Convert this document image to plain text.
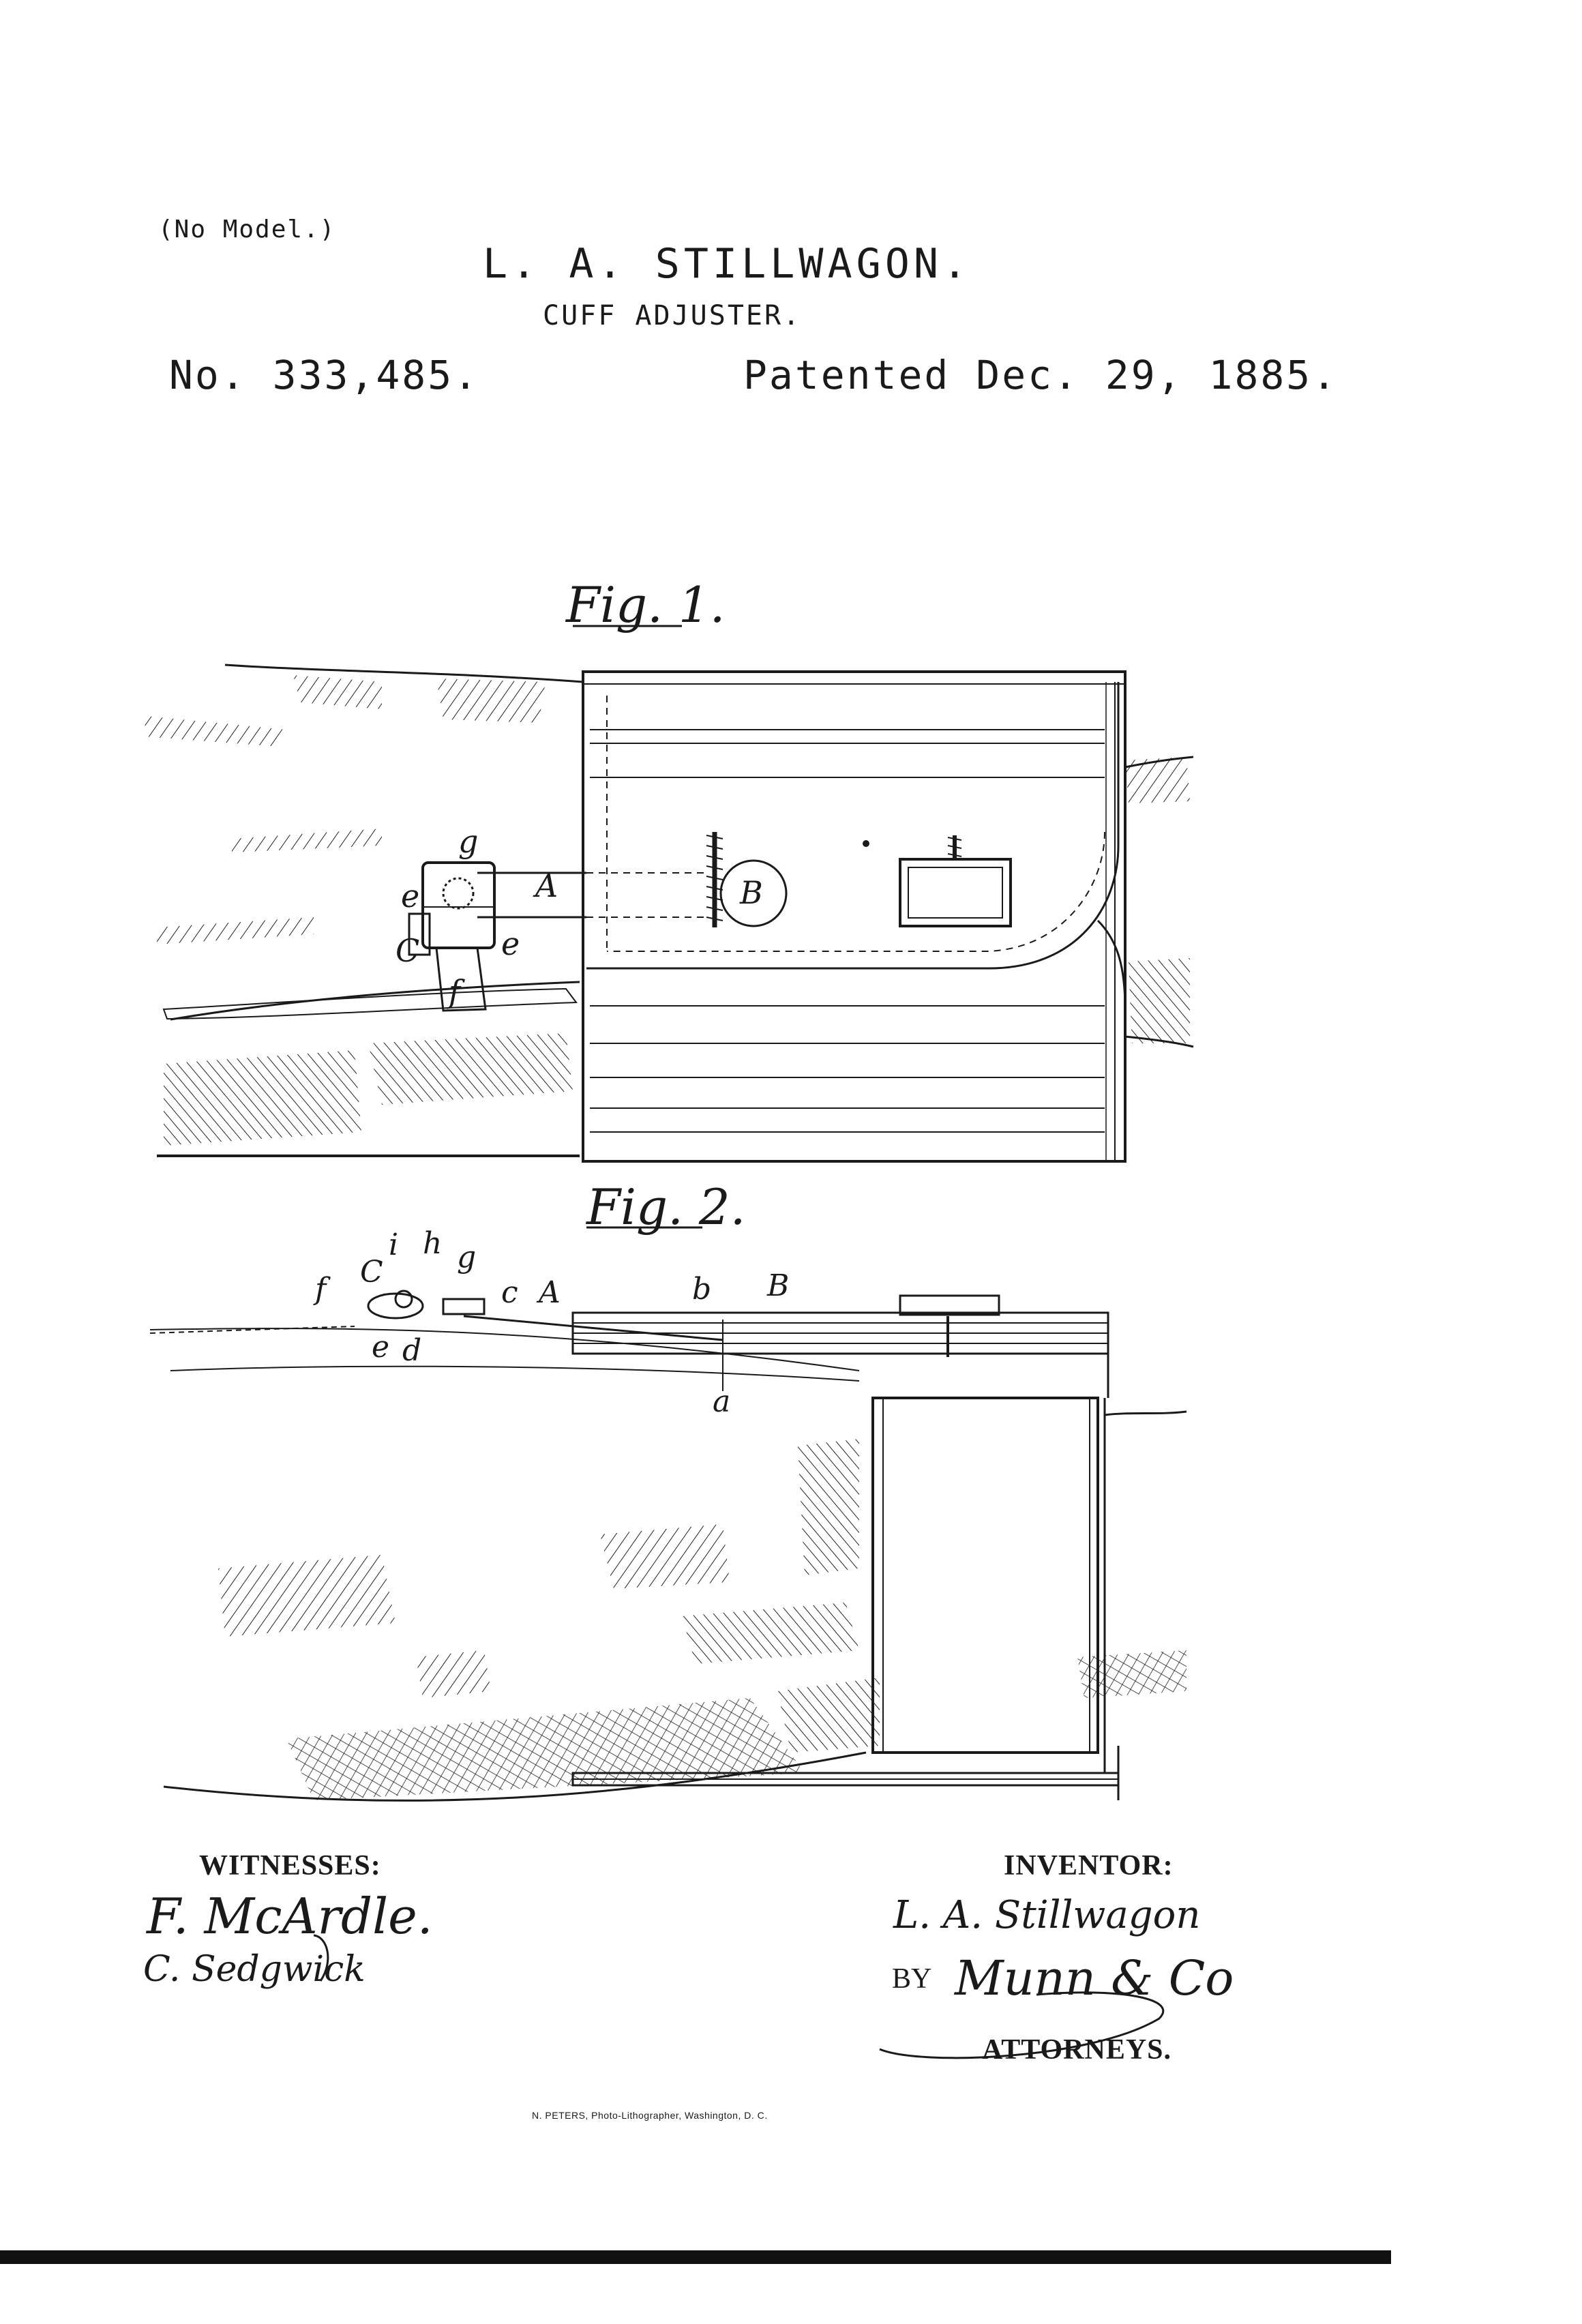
(No Model.)
L. A. STILLWAGON.
CUFF ADJUSTER.
No. 333,485.	Patented Dec. 29, 1885.
Fig. 1.
g
e
C
A	B
e
f
Fig. 2.
f C
i h g
c A	b B
e d
a
WITNESSES:
F. McArdle.
C. Sedgwick
INVENTOR:
L. A. Stillwagon
BY Munn & Co
ATTORNEYS.
N. PETERS, Photo-Lithographer, Washington, D. C.
